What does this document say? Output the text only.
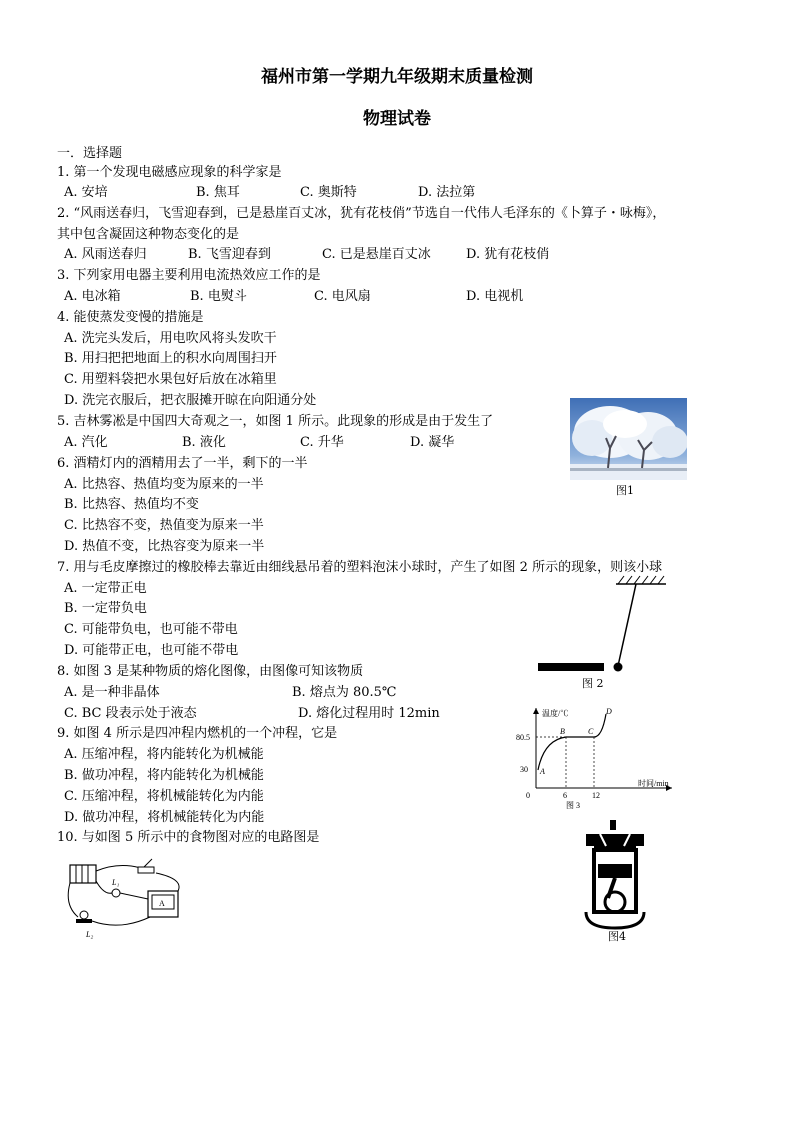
福州市第一学期九年级期末质量检测
物理试卷
一．选择题
1. 第一个发现电磁感应现象的科学家是
A. 安培	B. 焦耳	C. 奥斯特	D. 法拉第
2. “风雨送春归，飞雪迎春到，已是悬崖百丈冰，犹有花枝俏”节选自一代伟人毛泽东的《卜算子・咏梅》，
其中包含凝固这种物态变化的是
A. 风雨送春归	B. 飞雪迎春到	C. 已是悬崖百丈冰	D. 犹有花枝俏
3. 下列家用电器主要利用电流热效应工作的是
A. 电冰箱	B. 电熨斗	C. 电风扇	D. 电视机
4. 能使蒸发变慢的措施是
A. 洗完头发后，用电吹风将头发吹干
B. 用扫把把地面上的积水向周围扫开
C. 用塑料袋把水果包好后放在冰箱里
D. 洗完衣服后，把衣服摊开晾在向阳通分处
5. 吉林雾凇是中国四大奇观之一，如图 1 所示。此现象的形成是由于发生了
A. 汽化	B. 液化	C. 升华	D. 凝华
图1
6. 酒精灯内的酒精用去了一半，剩下的一半
A. 比热容、热值均变为原来的一半
B. 比热容、热值均不变
C. 比热容不变，热值变为原来一半
D. 热值不变，比热容变为原来一半
7. 用与毛皮摩擦过的橡胶棒去靠近由细线悬吊着的塑料泡沫小球时，产生了如图 2 所示的现象，则该小球
A. 一定带正电
B. 一定带负电
C. 可能带负电，也可能不带电
D. 可能带正电，也可能不带电
图 2
8. 如图 3 是某种物质的熔化图像，由图像可知该物质
A. 是一种非晶体	B. 熔点为 80.5℃
C. BC 段表示处于液态	D. 熔化过程用时 12min	温度/℃
时间/min
80.5
30
0	6	12
A
B	C
D
图 3
9. 如图 4 所示是四冲程内燃机的一个冲程，它是
A. 压缩冲程，将内能转化为机械能
B. 做功冲程，将内能转化为机械能
C. 压缩冲程，将机械能转化为内能
D. 做功冲程，将机械能转化为内能
10. 与如图 5 所示中的食物图对应的电路图是
图4
L₁
A
L₂
